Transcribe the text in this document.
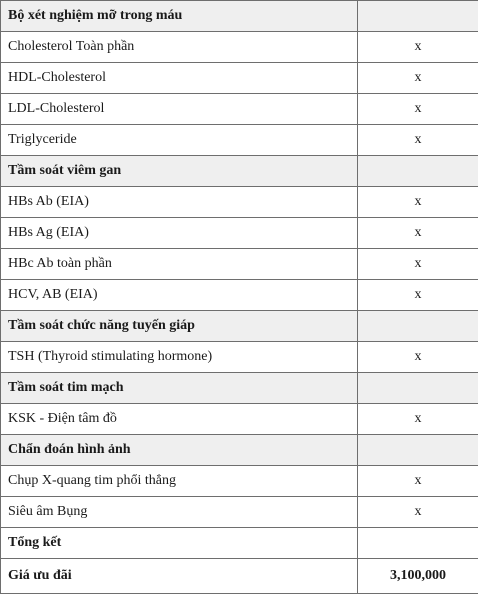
Bộ xét nghiệm mỡ trong máu	
Cholesterol Toàn phần	x
HDL-Cholesterol	x
LDL-Cholesterol	x
Triglyceride	x
Tầm soát viêm gan	
HBs Ab (EIA)	x
HBs Ag (EIA)	x
HBc Ab toàn phần	x
HCV, AB (EIA)	x
Tầm soát chức năng tuyến giáp	
TSH (Thyroid stimulating hormone)	x
Tầm soát tim mạch	
KSK - Điện tâm đồ	x
Chẩn đoán hình ảnh	
Chụp X-quang tim phổi thẳng	x
Siêu âm Bụng	x
Tổng kết	
Giá ưu đãi	3,100,000
